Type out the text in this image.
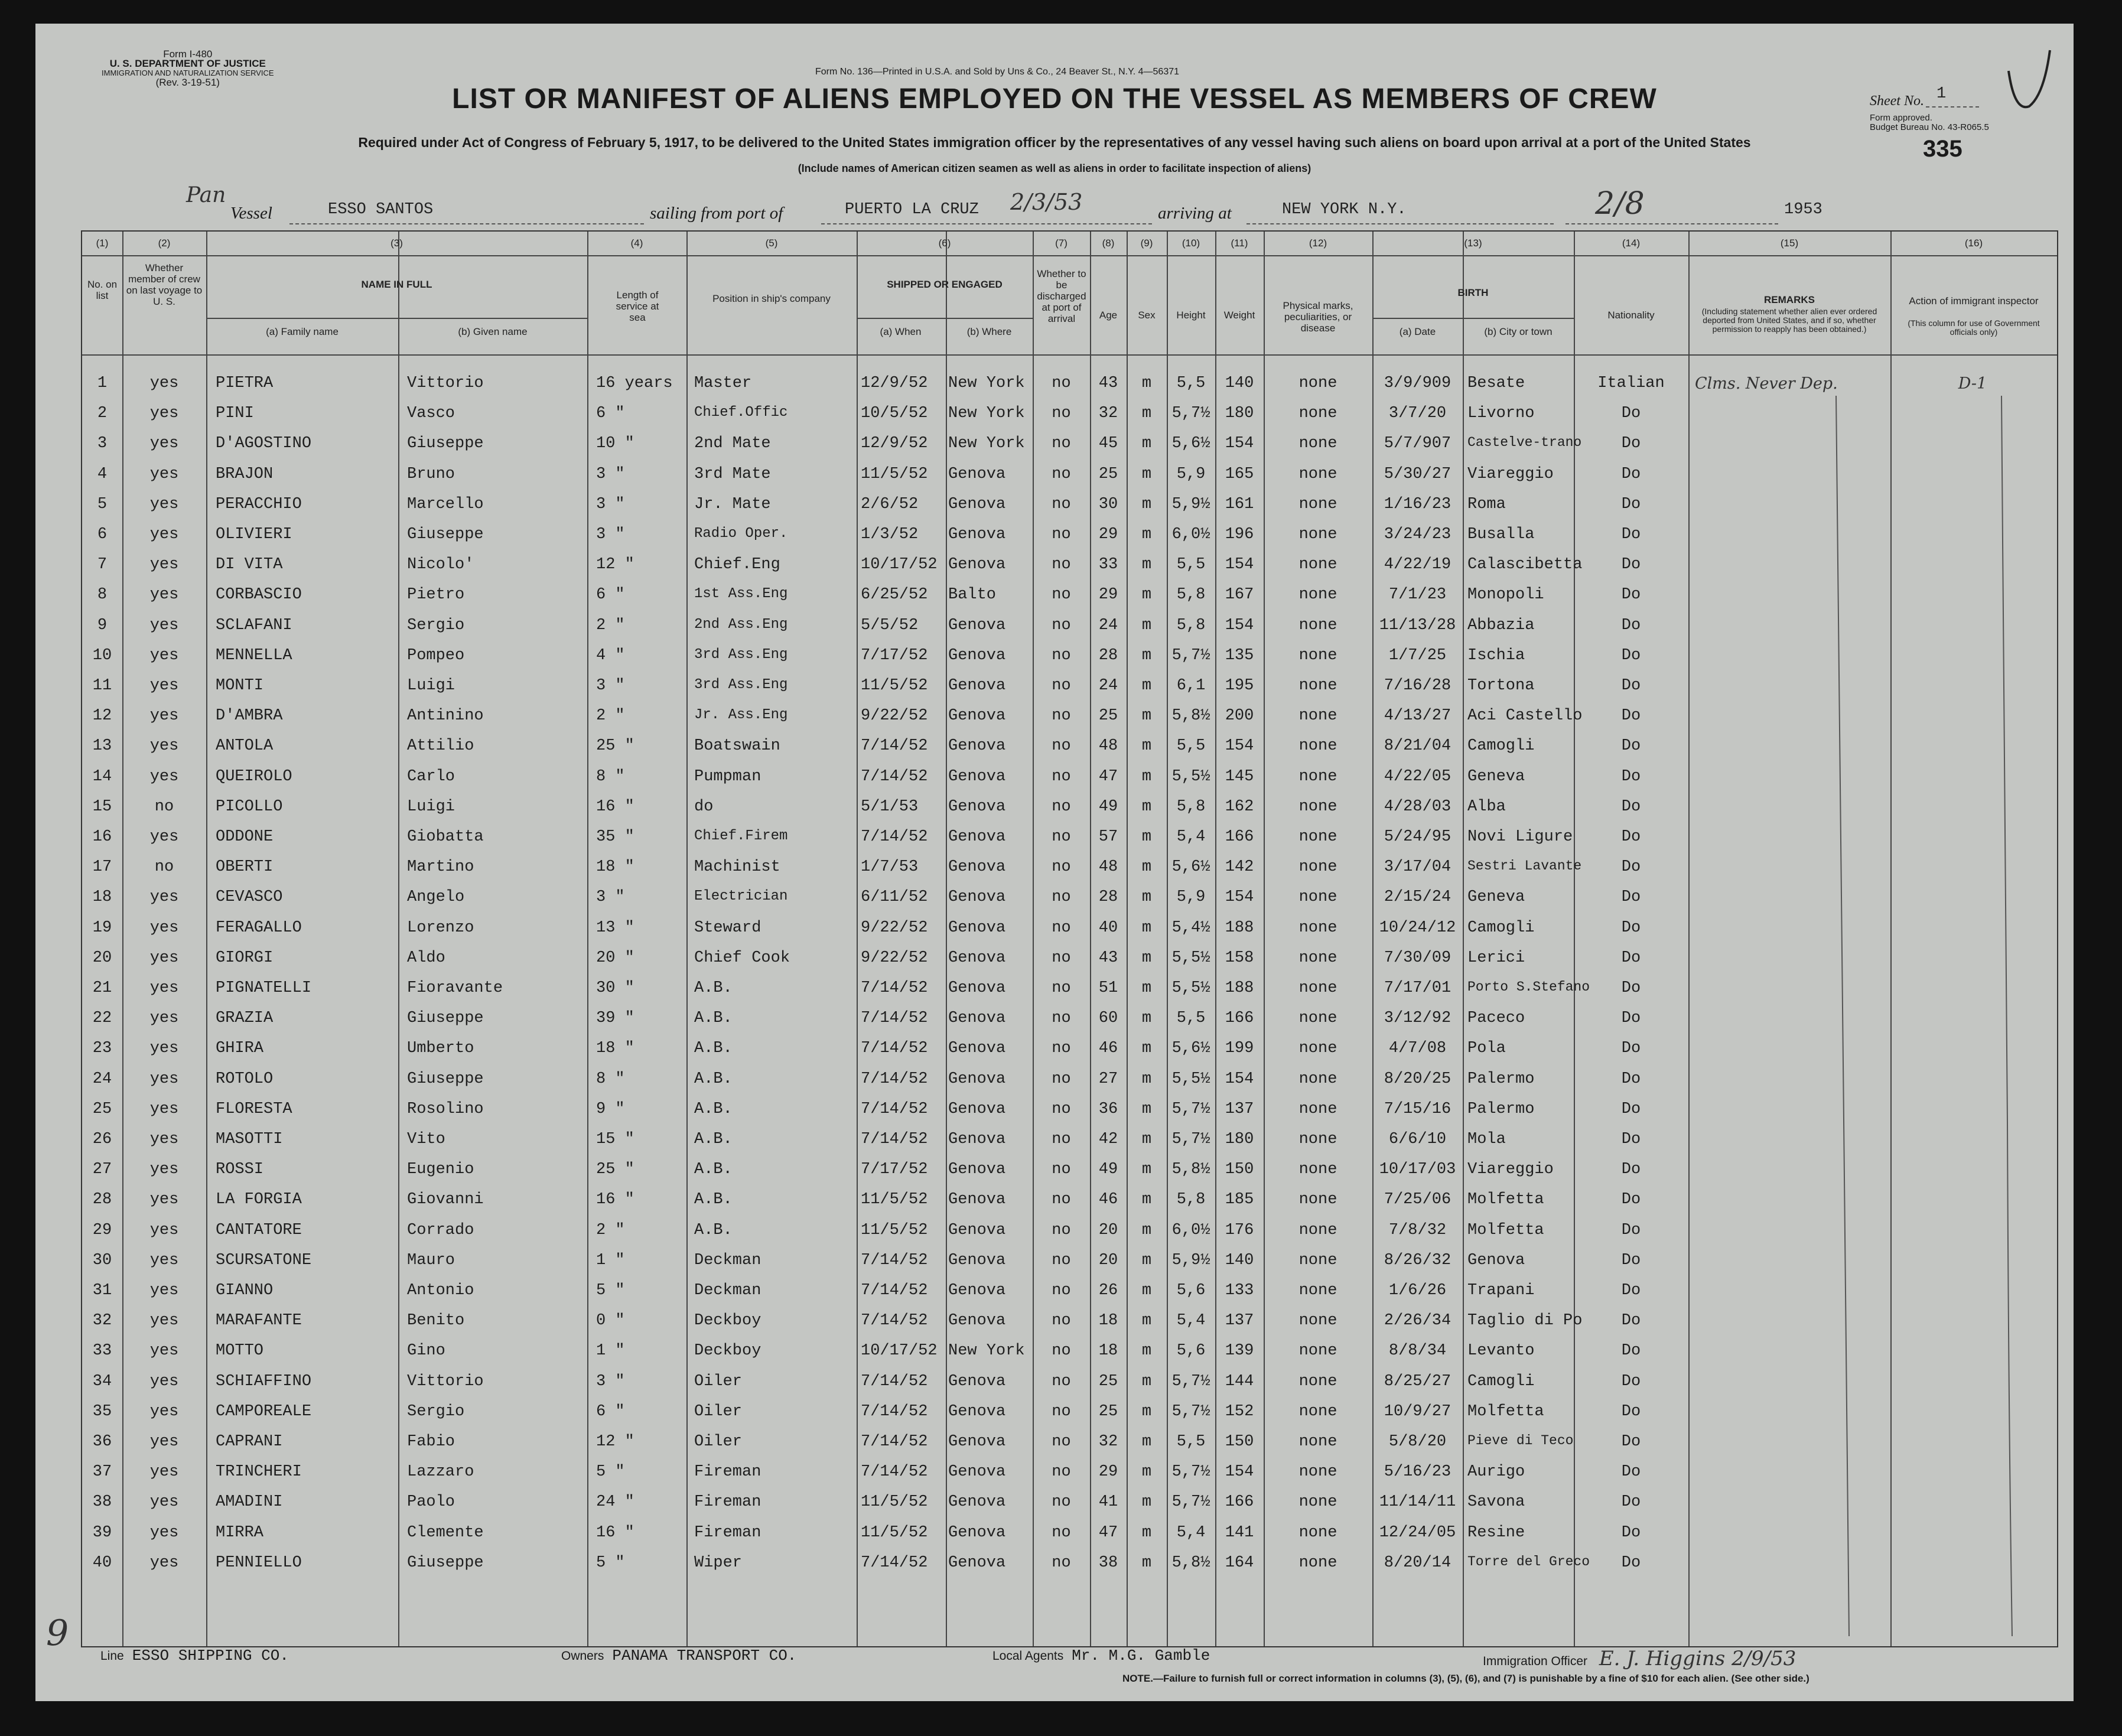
Form I-480
U. S. DEPARTMENT OF JUSTICE
IMMIGRATION AND NATURALIZATION SERVICE
(Rev. 3-19-51)
Form No. 136—Printed in U.S.A. and Sold by Uns & Co., 24 Beaver St., N.Y. 4—56371
LIST OR MANIFEST OF ALIENS EMPLOYED ON THE VESSEL AS MEMBERS OF CREW
Required under Act of Congress of February 5, 1917, to be delivered to the United States immigration officer by the representatives of any vessel having such aliens on board upon arrival at a port of the United States
(Include names of American citizen seamen as well as aliens in order to facilitate inspection of aliens)
Sheet No. 1
Form approved.
Budget Bureau No. 43-R065.5
335
Pan
Vessel	ESSO SANTOS	sailing from port of	PUERTO LA CRUZ 2/3/53	arriving at	NEW YORK N.Y.	2/8	1953
(1)	(2)	(3)	(4)	(5)	(6)	(7)	(8)	(9)	(10)	(11)	(12)	(13)	(14)	(15)	(16)
No. on list
Whether member of crew on last voyage to U. S.
NAME IN FULL
(a) Family name	(b) Given name
Length of service at sea
Position in ship's company
SHIPPED OR ENGAGED
(a) When	(b) Where
Whether to be discharged at port of arrival	Age	Sex	Height	Weight
Physical marks, peculiarities, or disease
BIRTH
(a) Date	(b) City or town
Nationality
REMARKS
(Including statement whether alien ever ordered deported from United States, and if so, whether permission to reapply has been obtained.)
Action of immigrant inspector
(This column for use of Government officials only)
1	yes	PIETRA	Vittorio	16 years	Master	12/9/52	New York	no	43	m	5,5	140	none	3/9/909	Besate	Italian	Clms. Never Dep.	D-1
2	yes	PINI	Vasco	6 "	Chief.Offic	10/5/52	New York	no	32	m	5,7½ 180	none	3/7/20	Livorno	Do
3	yes	D'AGOSTINO	Giuseppe	10 "	2nd Mate	12/9/52	New York	no	45	m	5,6½ 154	none	5/7/907	Castelve-trano	Do
4	yes	BRAJON	Bruno	3 "	3rd Mate	11/5/52	Genova	no	25	m	5,9	165	none	5/30/27	Viareggio	Do
5	yes	PERACCHIO	Marcello	3 "	Jr. Mate	2/6/52	Genova	no	30	m	5,9½ 161	none	1/16/23	Roma	Do
6	yes	OLIVIERI	Giuseppe	3 "	Radio Oper.	1/3/52	Genova	no	29	m	6,0½ 196	none	3/24/23	Busalla	Do
7	yes	DI VITA	Nicolo'	12 "	Chief.Eng	10/17/52 Genova	no	33	m	5,5	154	none	4/22/19	Calascibetta	Do
8	yes	CORBASCIO	Pietro	6 "	1st Ass.Eng	6/25/52	Balto	no	29	m	5,8	167	none	7/1/23	Monopoli	Do
9	yes	SCLAFANI	Sergio	2 "	2nd Ass.Eng	5/5/52	Genova	no	24	m	5,8	154	none	11/13/28 Abbazia	Do
10	yes	MENNELLA	Pompeo	4 "	3rd Ass.Eng	7/17/52	Genova	no	28	m	5,7½ 135	none	1/7/25	Ischia	Do
11	yes	MONTI	Luigi	3 "	3rd Ass.Eng	11/5/52	Genova	no	24	m	6,1	195	none	7/16/28	Tortona	Do
12	yes	D'AMBRA	Antinino	2 "	Jr. Ass.Eng	9/22/52	Genova	no	25	m	5,8½ 200	none	4/13/27	Aci Castello	Do
13	yes	ANTOLA	Attilio	25 "	Boatswain	7/14/52	Genova	no	48	m	5,5	154	none	8/21/04	Camogli	Do
14	yes	QUEIROLO	Carlo	8 "	Pumpman	7/14/52	Genova	no	47	m	5,5½ 145	none	4/22/05	Geneva	Do
15	no	PICOLLO	Luigi	16 "	do	5/1/53	Genova	no	49	m	5,8	162	none	4/28/03	Alba	Do
16	yes	ODDONE	Giobatta	35 "	Chief.Firem	7/14/52	Genova	no	57	m	5,4	166	none	5/24/95	Novi Ligure	Do
17	no	OBERTI	Martino	18 "	Machinist	1/7/53	Genova	no	48	m	5,6½ 142	none	3/17/04	Sestri Lavante	Do
18	yes	CEVASCO	Angelo	3 "	Electrician	6/11/52	Genova	no	28	m	5,9	154	none	2/15/24	Geneva	Do
19	yes	FERAGALLO	Lorenzo	13 "	Steward	9/22/52	Genova	no	40	m	5,4½ 188	none	10/24/12 Camogli	Do
20	yes	GIORGI	Aldo	20 "	Chief Cook	9/22/52	Genova	no	43	m	5,5½ 158	none	7/30/09	Lerici	Do
21	yes	PIGNATELLI	Fioravante	30 "	A.B.	7/14/52	Genova	no	51	m	5,5½ 188	none	7/17/01	Porto S.Stefano	Do
22	yes	GRAZIA	Giuseppe	39 "	A.B.	7/14/52	Genova	no	60	m	5,5	166	none	3/12/92	Paceco	Do
23	yes	GHIRA	Umberto	18 "	A.B.	7/14/52	Genova	no	46	m	5,6½ 199	none	4/7/08	Pola	Do
24	yes	ROTOLO	Giuseppe	8 "	A.B.	7/14/52	Genova	no	27	m	5,5½ 154	none	8/20/25	Palermo	Do
25	yes	FLORESTA	Rosolino	9 "	A.B.	7/14/52	Genova	no	36	m	5,7½ 137	none	7/15/16	Palermo	Do
26	yes	MASOTTI	Vito	15 "	A.B.	7/14/52	Genova	no	42	m	5,7½ 180	none	6/6/10	Mola	Do
27	yes	ROSSI	Eugenio	25 "	A.B.	7/17/52	Genova	no	49	m	5,8½ 150	none	10/17/03 Viareggio	Do
28	yes	LA FORGIA	Giovanni	16 "	A.B.	11/5/52	Genova	no	46	m	5,8	185	none	7/25/06	Molfetta	Do
29	yes	CANTATORE	Corrado	2 "	A.B.	11/5/52	Genova	no	20	m	6,0½ 176	none	7/8/32	Molfetta	Do
30	yes	SCURSATONE	Mauro	1 "	Deckman	7/14/52	Genova	no	20	m	5,9½ 140	none	8/26/32	Genova	Do
31	yes	GIANNO	Antonio	5 "	Deckman	7/14/52	Genova	no	26	m	5,6	133	none	1/6/26	Trapani	Do
32	yes	MARAFANTE	Benito	0 "	Deckboy	7/14/52	Genova	no	18	m	5,4	137	none	2/26/34	Taglio di Po	Do
33	yes	MOTTO	Gino	1 "	Deckboy	10/17/52 New York	no	18	m	5,6	139	none	8/8/34	Levanto	Do
34	yes	SCHIAFFINO	Vittorio	3 "	Oiler	7/14/52	Genova	no	25	m	5,7½ 144	none	8/25/27	Camogli	Do
35	yes	CAMPOREALE	Sergio	6 "	Oiler	7/14/52	Genova	no	25	m	5,7½ 152	none	10/9/27	Molfetta	Do
36	yes	CAPRANI	Fabio	12 "	Oiler	7/14/52	Genova	no	32	m	5,5	150	none	5/8/20	Pieve di Teco	Do
37	yes	TRINCHERI	Lazzaro	5 "	Fireman	7/14/52	Genova	no	29	m	5,7½ 154	none	5/16/23	Aurigo	Do
38	yes	AMADINI	Paolo	24 "	Fireman	11/5/52	Genova	no	41	m	5,7½ 166	none	11/14/11 Savona	Do
39	yes	MIRRA	Clemente	16 "	Fireman	11/5/52	Genova	no	47	m	5,4	141	none	12/24/05 Resine	Do
40	yes	PENNIELLO	Giuseppe	5 "	Wiper	7/14/52	Genova	no	38	m	5,8½ 164	none	8/20/14	Torre del Greco	Do
9
Line ESSO SHIPPING CO.	Owners PANAMA TRANSPORT CO.	Local Agents Mr. M.G. Gamble	Immigration Officer E. J. Higgins 2/9/53
NOTE.—Failure to furnish full or correct information in columns (3), (5), (6), and (7) is punishable by a fine of $10 for each alien. (See other side.)
